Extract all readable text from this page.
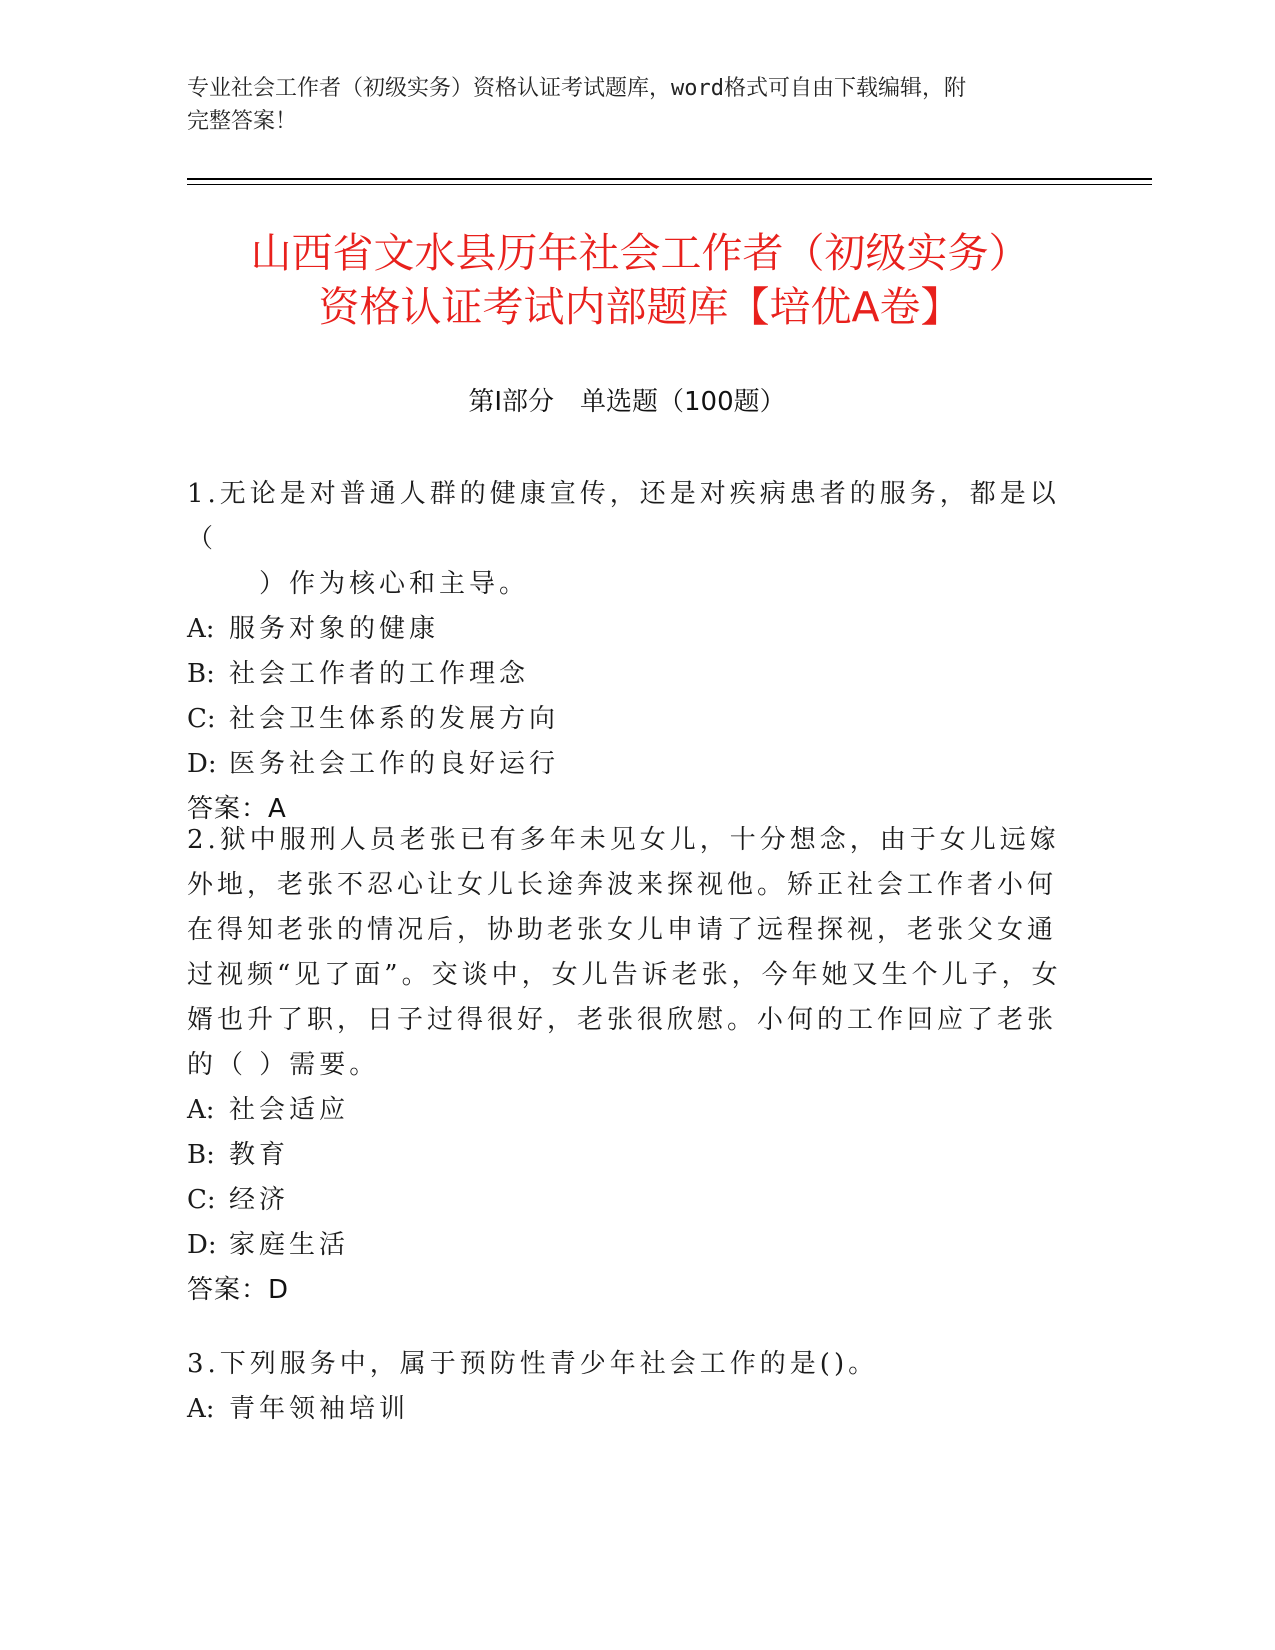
专业社会工作者（初级实务）资格认证考试题库，word格式可自由下载编辑，附
完整答案！
山西省文水县历年社会工作者（初级实务）
资格认证考试内部题库【培优A卷】
第I部分　单选题（100题）

1.无论是对普通人群的健康宣传，还是对疾病患者的服务，都是以（
）作为核心和主导。

A: 服务对象的健康

B: 社会工作者的工作理念

C: 社会卫生体系的发展方向

D: 医务社会工作的良好运行

答案：A

2.狱中服刑人员老张已有多年未见女儿，十分想念，由于女儿远嫁外地，老张不忍心让女儿长途奔波来探视他。矫正社会工作者小何在得知老张的情况后，协助老张女儿申请了远程探视，老张父女通过视频“见了面”。交谈中，女儿告诉老张，今年她又生个儿子，女婿也升了职，日子过得很好，老张很欣慰。小何的工作回应了老张的（ ）需要。

A: 社会适应

B: 教育

C: 经济

D: 家庭生活

答案：D

3.下列服务中，属于预防性青少年社会工作的是()。

A: 青年领袖培训
